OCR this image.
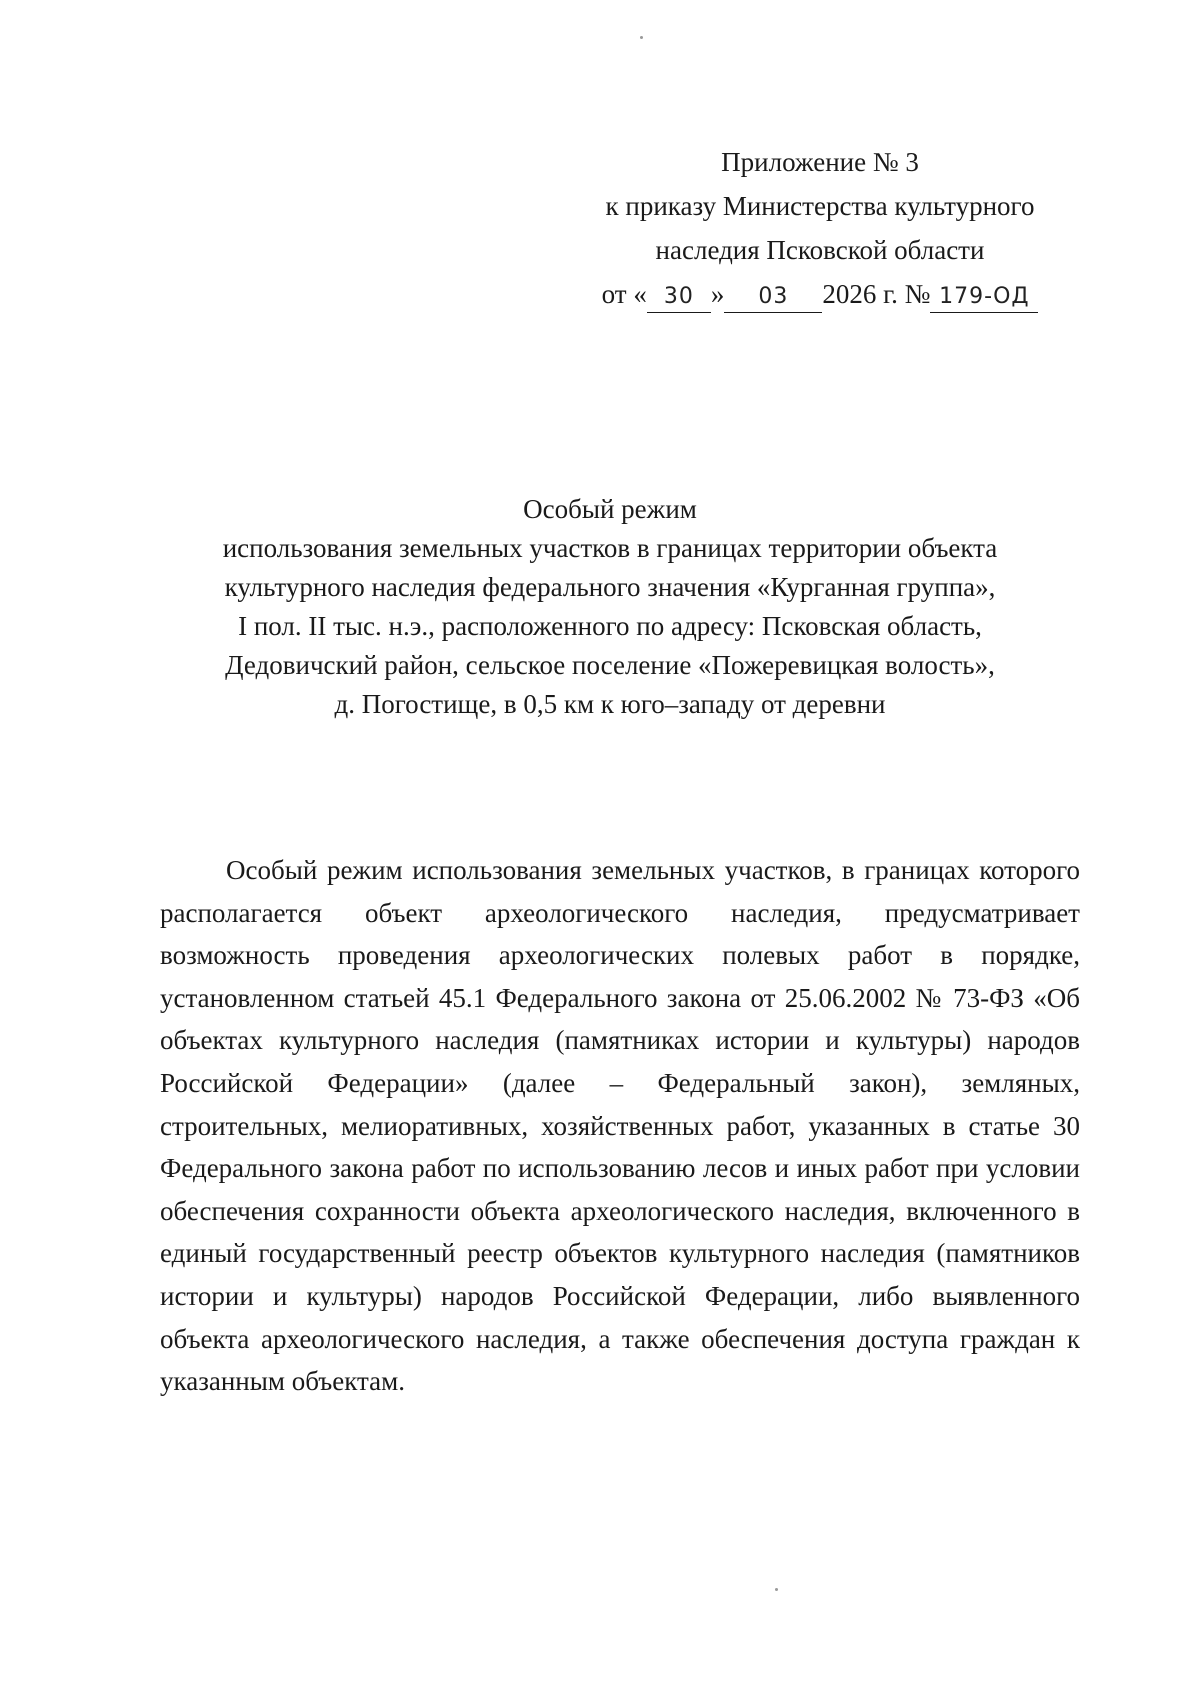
Приложение № 3
к приказу Министерства культурного
наследия Псковской области
от « 30 » 03 2026 г. № 179-ОД
Особый режим
использования земельных участков в границах территории объекта
культурного наследия федерального значения «Курганная группа»,
I пол. II тыс. н.э., расположенного по адресу: Псковская область,
Дедовичский район, сельское поселение «Пожеревицкая волость»,
д. Погостище, в 0,5 км к юго–западу от деревни

Особый режим использования земельных участков, в границах которого располагается объект археологического наследия, предусматривает возможность проведения археологических полевых работ в порядке, установленном статьей 45.1 Федерального закона от 25.06.2002 № 73-ФЗ «Об объектах культурного наследия (памятниках истории и культуры) народов Российской Федерации» (далее – Федеральный закон), земляных, строительных, мелиоративных, хозяйственных работ, указанных в статье 30 Федерального закона работ по использованию лесов и иных работ при условии обеспечения сохранности объекта археологического наследия, включенного в единый государственный реестр объектов культурного наследия (памятников истории и культуры) народов Российской Федерации, либо выявленного объекта археологического наследия, а также обеспечения доступа граждан к указанным объектам.
